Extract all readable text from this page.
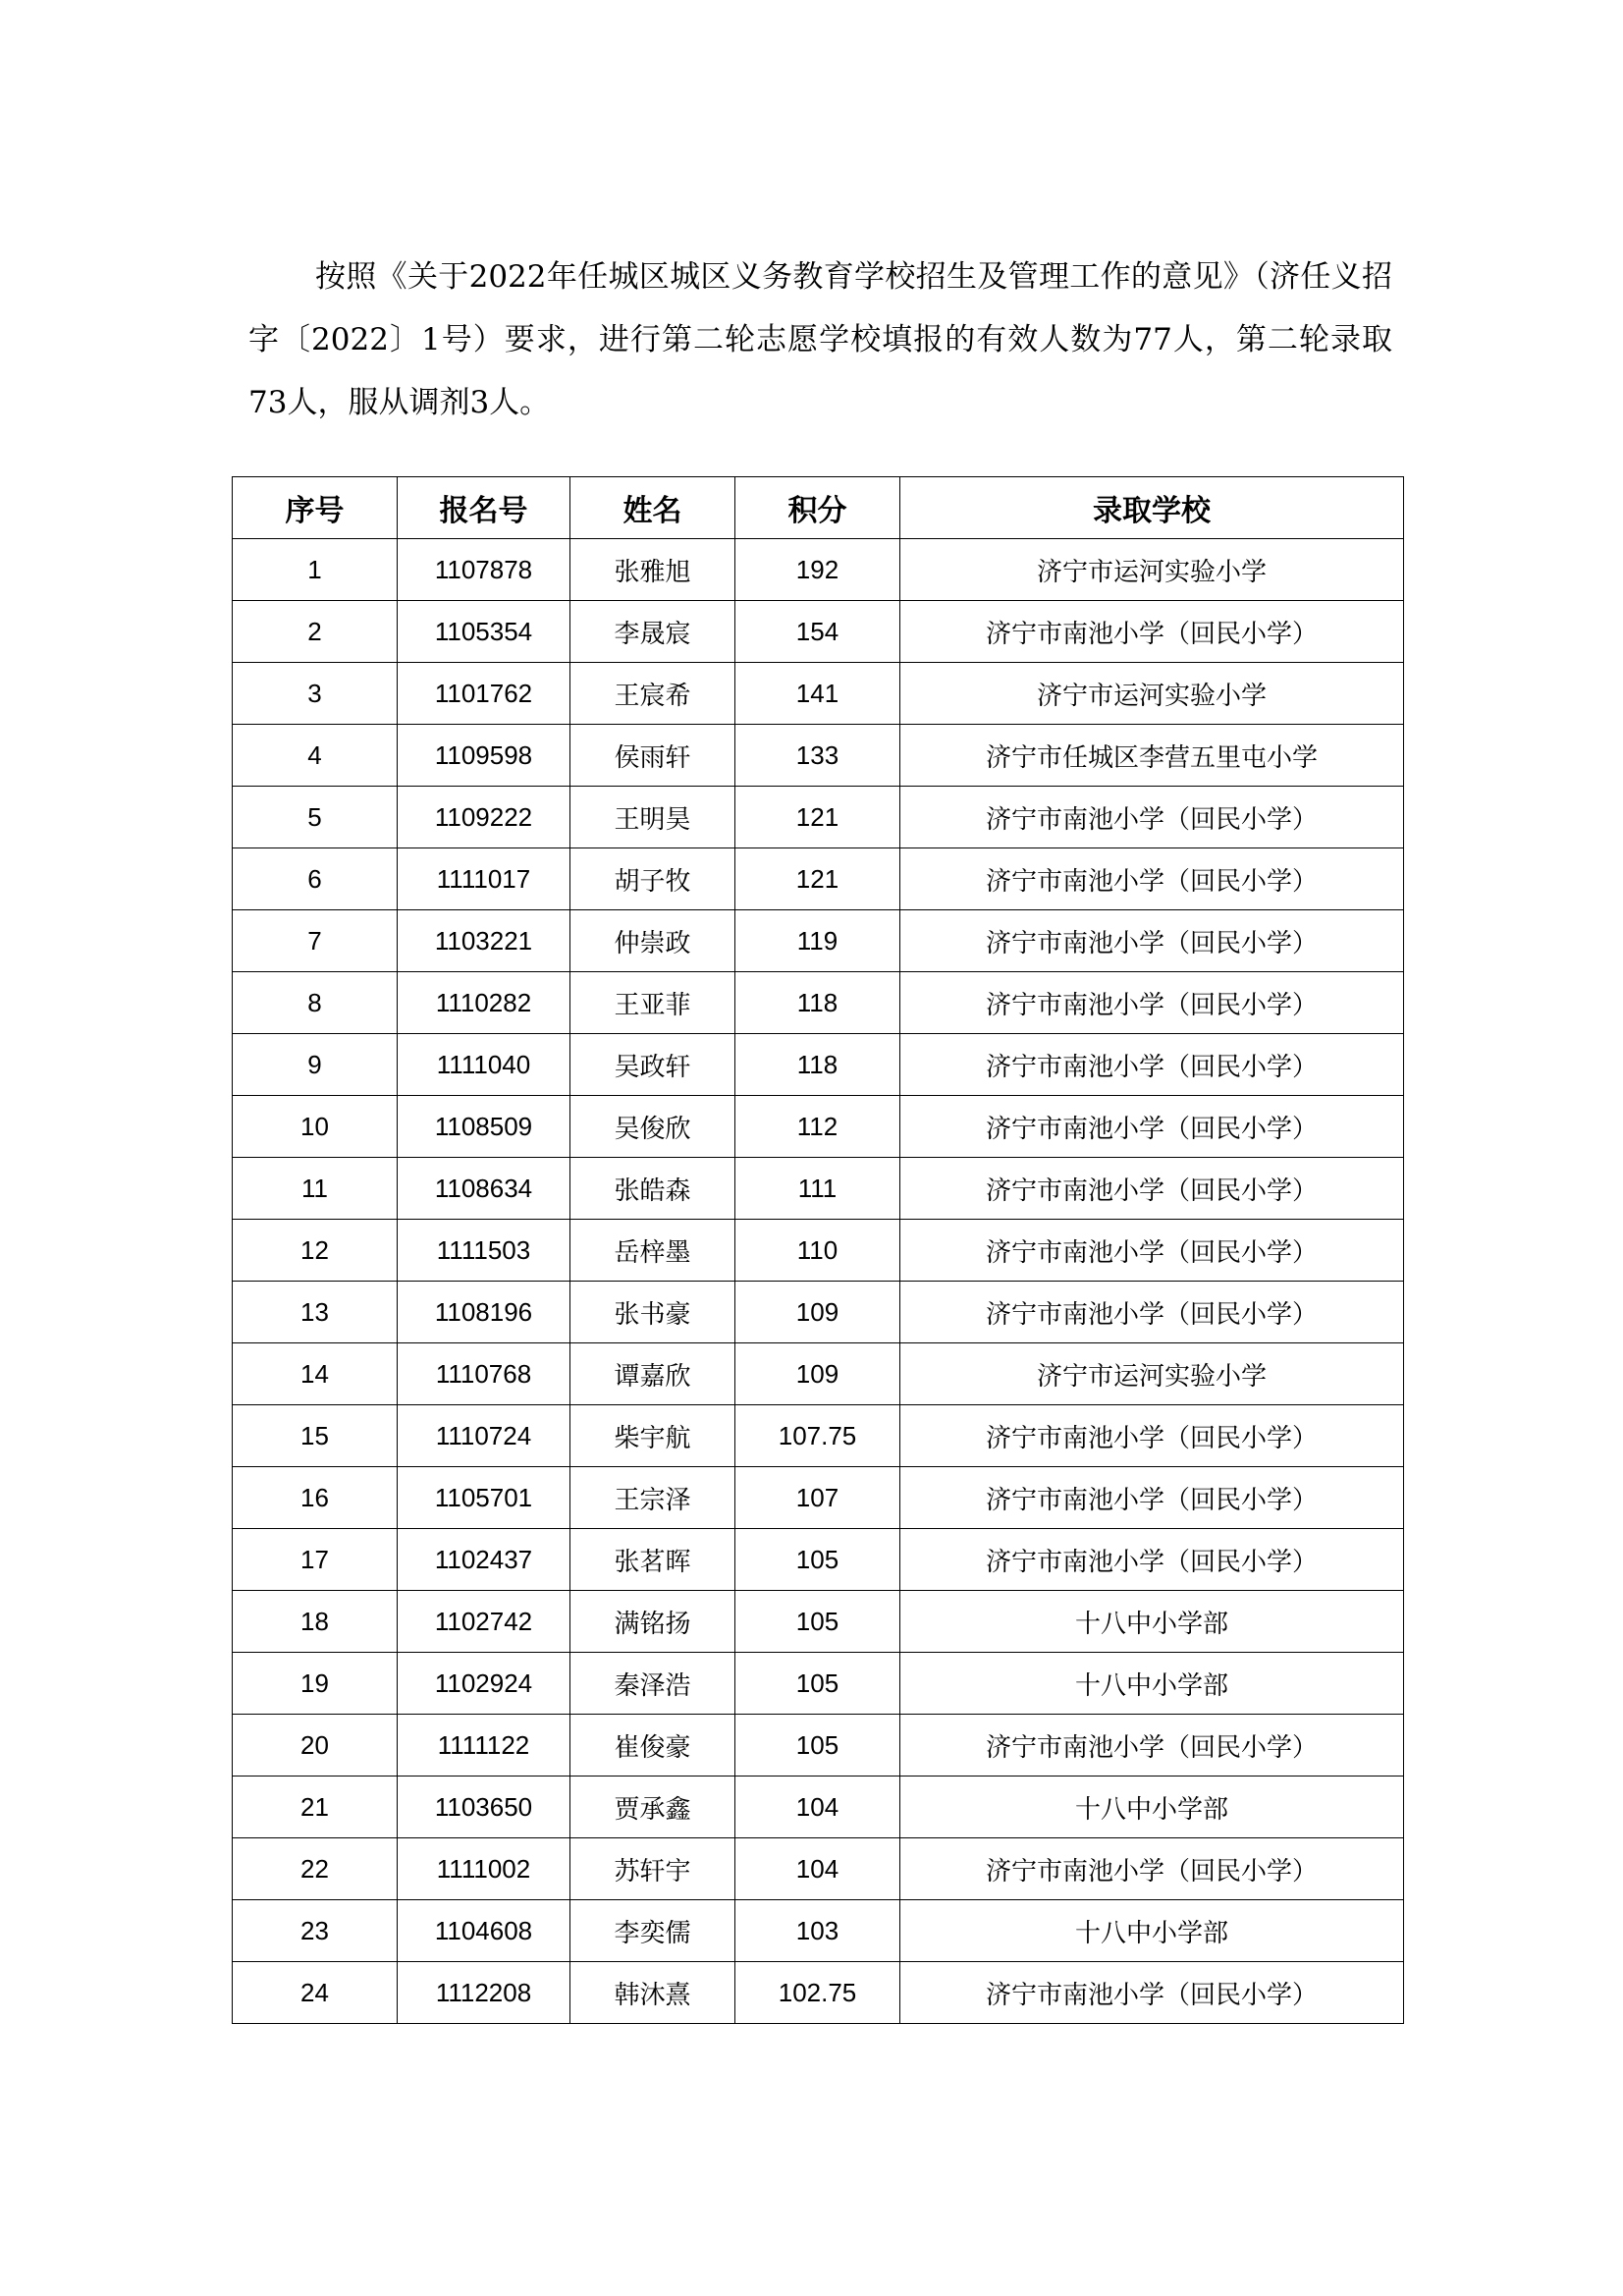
按照《关于2022年任城区城区义务教育学校招生及管理工作的意见》（济任义招字〔2022〕1号）要求，进行第二轮志愿学校填报的有效人数为77人，第二轮录取73人，服从调剂3人。

序号	报名号	姓名	积分	录取学校
1	1107878	张雅旭	192	济宁市运河实验小学
2	1105354	李晟宸	154	济宁市南池小学（回民小学）
3	1101762	王宸希	141	济宁市运河实验小学
4	1109598	侯雨轩	133	济宁市任城区李营五里屯小学
5	1109222	王明昊	121	济宁市南池小学（回民小学）
6	1111017	胡子牧	121	济宁市南池小学（回民小学）
7	1103221	仲崇政	119	济宁市南池小学（回民小学）
8	1110282	王亚菲	118	济宁市南池小学（回民小学）
9	1111040	吴政轩	118	济宁市南池小学（回民小学）
10	1108509	吴俊欣	112	济宁市南池小学（回民小学）
11	1108634	张皓森	111	济宁市南池小学（回民小学）
12	1111503	岳梓墨	110	济宁市南池小学（回民小学）
13	1108196	张书豪	109	济宁市南池小学（回民小学）
14	1110768	谭嘉欣	109	济宁市运河实验小学
15	1110724	柴宇航	107.75	济宁市南池小学（回民小学）
16	1105701	王宗泽	107	济宁市南池小学（回民小学）
17	1102437	张茗晖	105	济宁市南池小学（回民小学）
18	1102742	满铭扬	105	十八中小学部
19	1102924	秦泽浩	105	十八中小学部
20	1111122	崔俊豪	105	济宁市南池小学（回民小学）
21	1103650	贾承鑫	104	十八中小学部
22	1111002	苏轩宇	104	济宁市南池小学（回民小学）
23	1104608	李奕儒	103	十八中小学部
24	1112208	韩沐熹	102.75	济宁市南池小学（回民小学）
